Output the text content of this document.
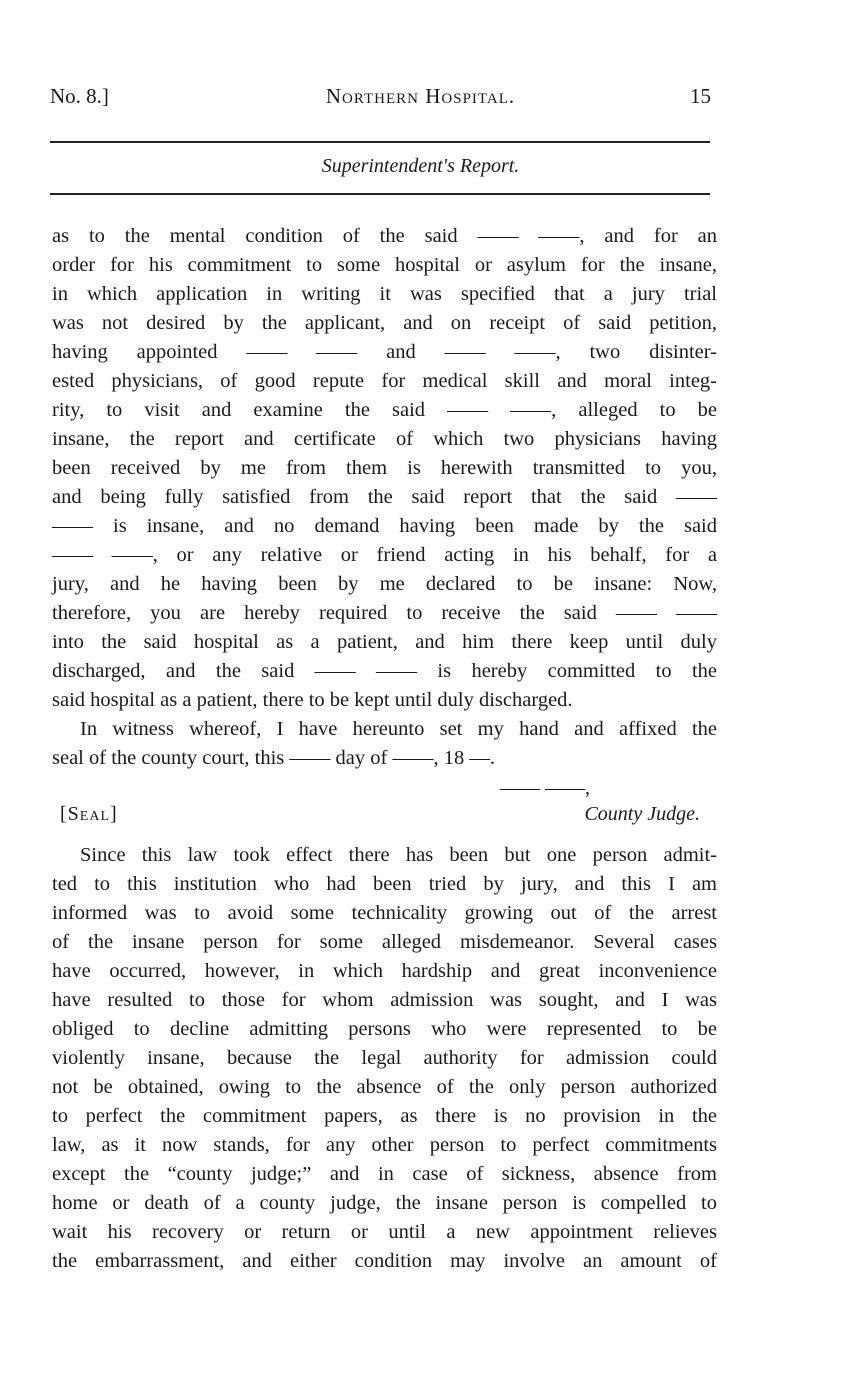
No. 8.]	Northern Hospital.	15
Superintendent's Report.
as to the mental condition of the said —— ——, and for an
order for his commitment to some hospital or asylum for the insane,
in which application in writing it was specified that a jury trial
was not desired by the applicant, and on receipt of said petition,
having appointed —— —— and —— ——, two disinter-
ested physicians, of good repute for medical skill and moral integ-
rity, to visit and examine the said —— ——, alleged to be
insane, the report and certificate of which two physicians having
been received by me from them is herewith transmitted to you,
and being fully satisfied from the said report that the said ——
—— is insane, and no demand having been made by the said
—— ——, or any relative or friend acting in his behalf, for a
jury, and he having been by me declared to be insane: Now,
therefore, you are hereby required to receive the said —— ——
into the said hospital as a patient, and him there keep until duly
discharged, and the said —— —— is hereby committed to the
said hospital as a patient, there to be kept until duly discharged.
In witness whereof, I have hereunto set my hand and affixed the
seal of the county court, this —— day of ——, 18 —.
—— ——,
[Seal]	County Judge.
Since this law took effect there has been but one person admit-
ted to this institution who had been tried by jury, and this I am
informed was to avoid some technicality growing out of the arrest
of the insane person for some alleged misdemeanor. Several cases
have occurred, however, in which hardship and great inconvenience
have resulted to those for whom admission was sought, and I was
obliged to decline admitting persons who were represented to be
violently insane, because the legal authority for admission could
not be obtained, owing to the absence of the only person authorized
to perfect the commitment papers, as there is no provision in the
law, as it now stands, for any other person to perfect commitments
except the “county judge;” and in case of sickness, absence from
home or death of a county judge, the insane person is compelled to
wait his recovery or return or until a new appointment relieves
the embarrassment, and either condition may involve an amount of
